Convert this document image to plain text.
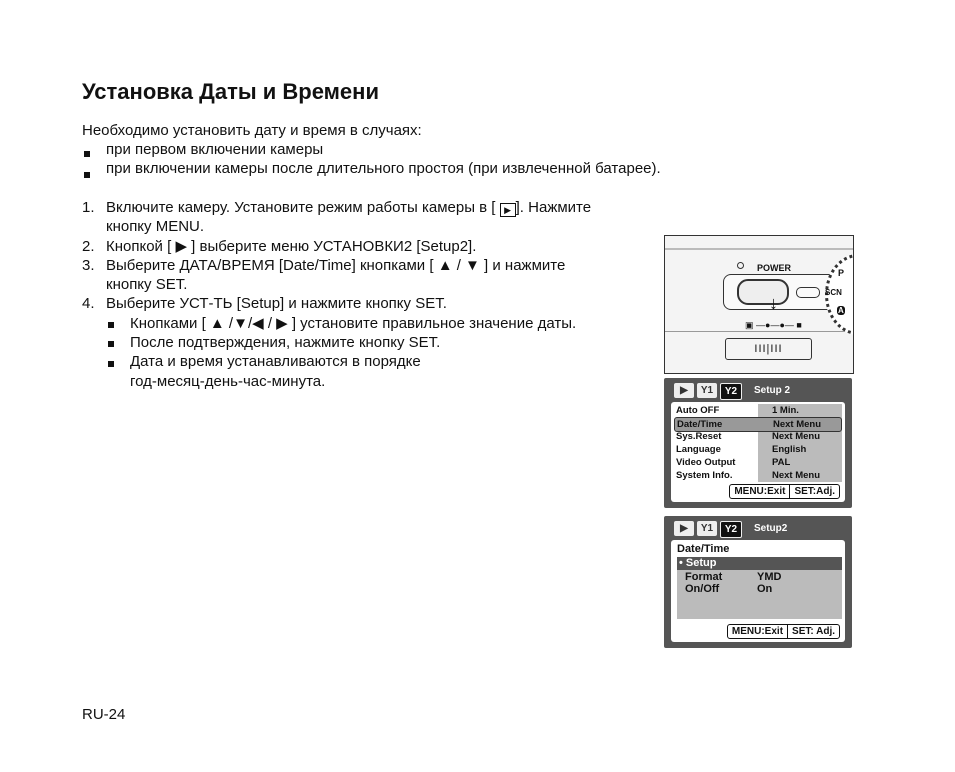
Установка Даты и Времени
Необходимо установить дату и время в случаях:
при первом включении камеры
при включении камеры после длительного простоя (при извлеченной батарее).
1. Включите камеру. Установите режим работы камеры в [ ▶ ]. Нажмите
кнопку MENU.
2. Кнопкой [ ▶ ] выберите меню УСТАНОВКИ2 [Setup2].
3. Выберите ДАТА/ВРЕМЯ [Date/Time] кнопками [ ▲ / ▼ ] и нажмите
кнопку SET.
4. Выберите УСТ-ТЬ [Setup] и нажмите кнопку SET.
Кнопками [ ▲ /▼/◀ / ▶ ] установите правильное значение даты.
После подтверждения, нажмите кнопку SET.
Дата и время устанавливаются в порядке
год-месяц-день-час-минута.
POWER
↓
▣ —●—●— ■
P
SCN
A
III|III
▶	Y1	Y2	Setup 2
Auto OFF	1 Min.
Date/Time	Next Menu
Sys.Reset	Next Menu
Language	English
Video Output	PAL
System Info.	Next Menu
MENU:Exit SET:Adj.
▶	Y1	Y2	Setup2
Date/Time
• Setup
Format	YMD
On/Off	On
MENU:Exit SET: Adj.
RU-24
